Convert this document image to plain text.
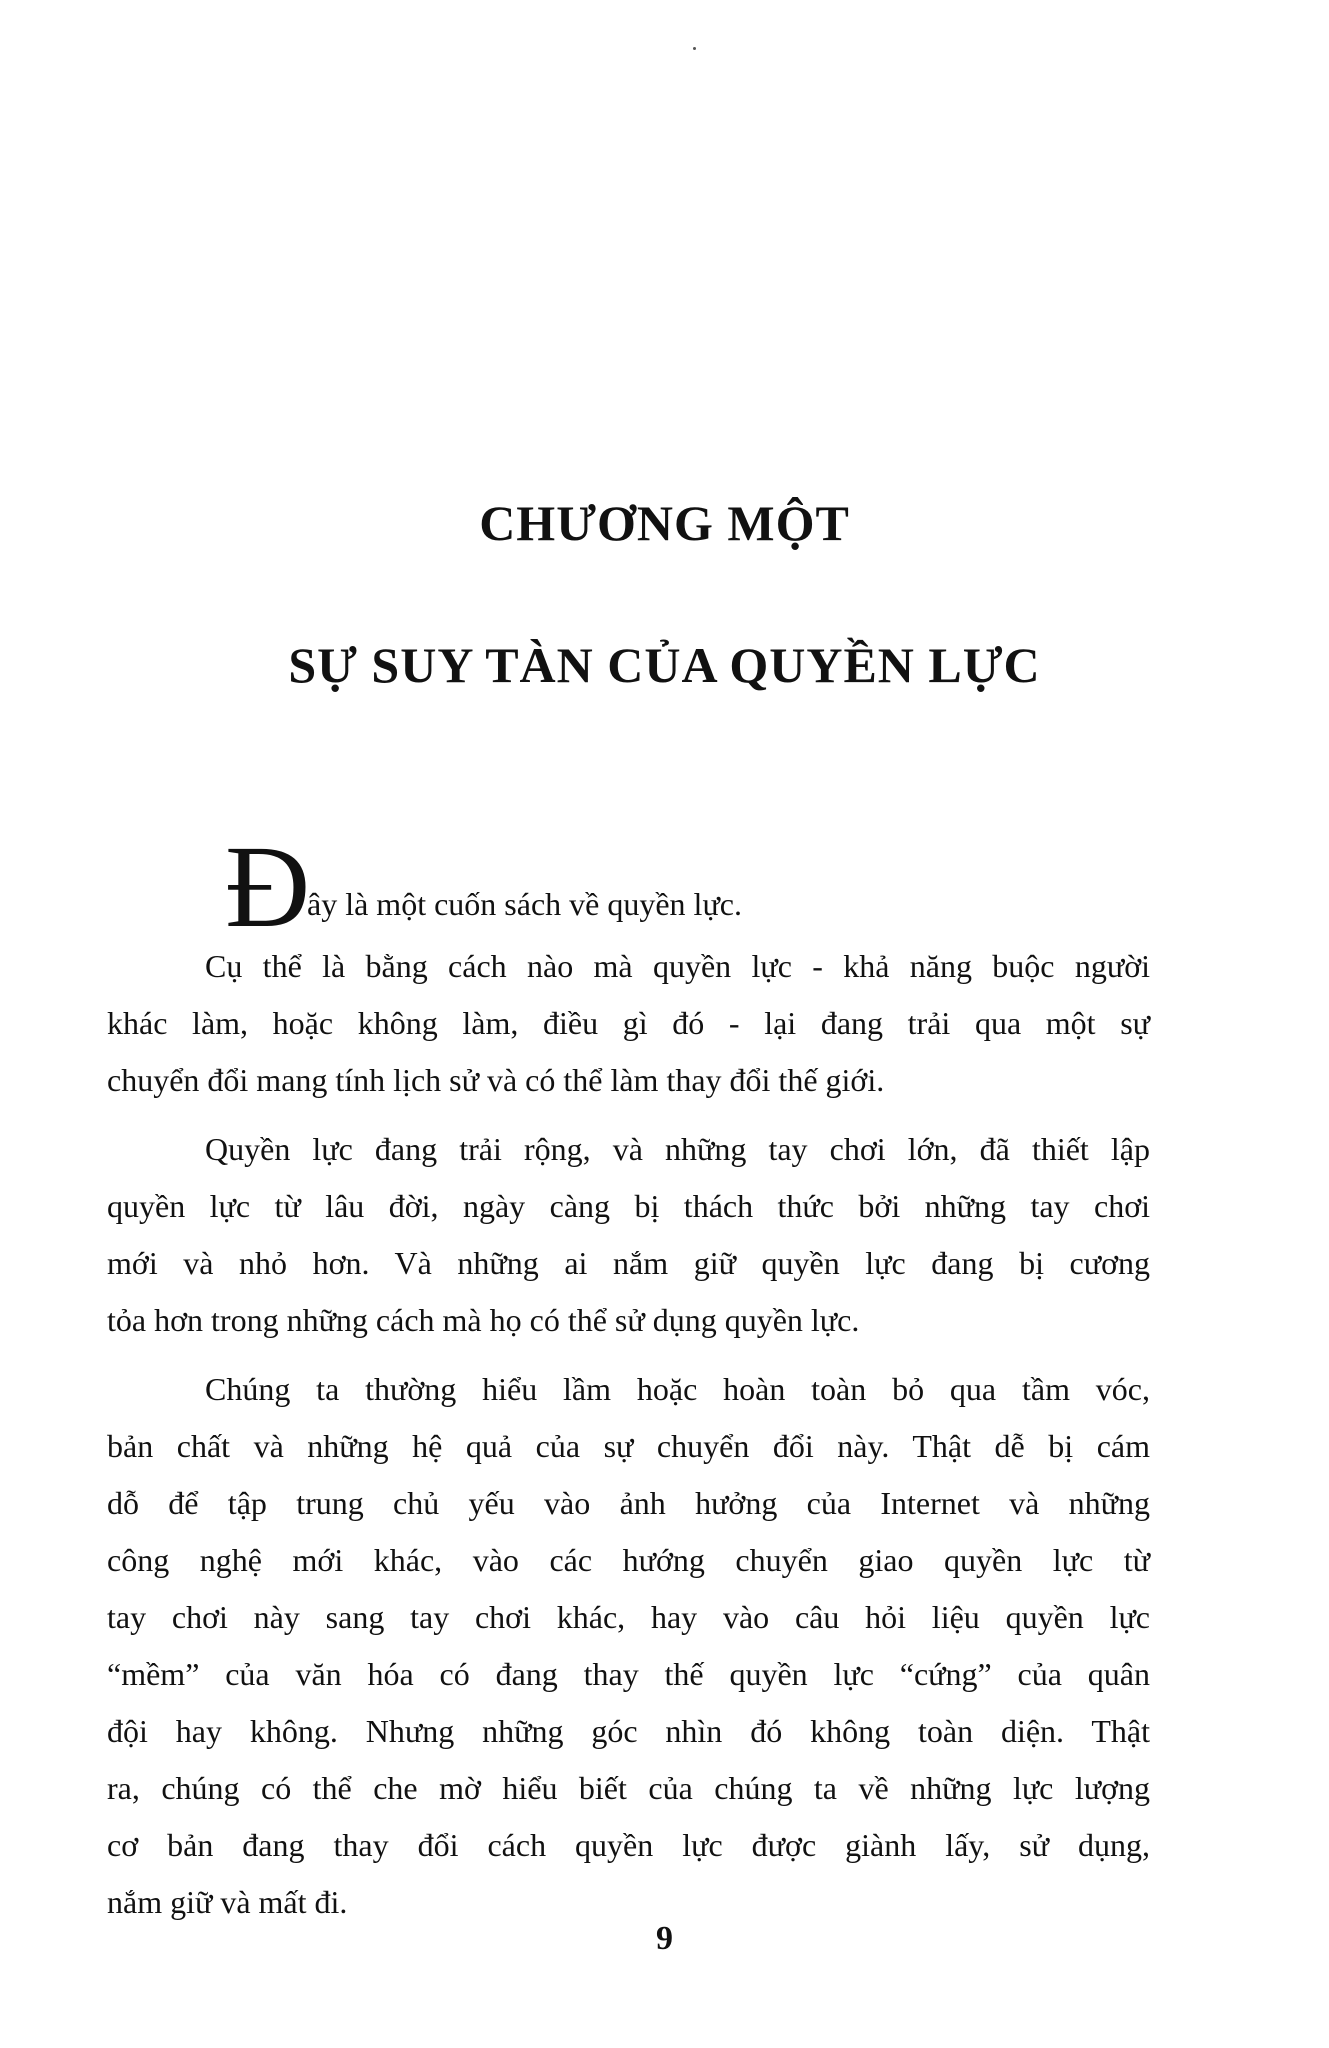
CHƯƠNG MỘT
SỰ SUY TÀN CỦA QUYỀN LỰC
Đ
ây là một cuốn sách về quyền lực.
Cụ thể là bằng cách nào mà quyền lực - khả năng buộc người
khác làm, hoặc không làm, điều gì đó - lại đang trải qua một sự
chuyển đổi mang tính lịch sử và có thể làm thay đổi thế giới.
Quyền lực đang trải rộng, và những tay chơi lớn, đã thiết lập
quyền lực từ lâu đời, ngày càng bị thách thức bởi những tay chơi
mới và nhỏ hơn. Và những ai nắm giữ quyền lực đang bị cương
tỏa hơn trong những cách mà họ có thể sử dụng quyền lực.
Chúng ta thường hiểu lầm hoặc hoàn toàn bỏ qua tầm vóc,
bản chất và những hệ quả của sự chuyển đổi này. Thật dễ bị cám
dỗ để tập trung chủ yếu vào ảnh hưởng của Internet và những
công nghệ mới khác, vào các hướng chuyển giao quyền lực từ
tay chơi này sang tay chơi khác, hay vào câu hỏi liệu quyền lực
“mềm” của văn hóa có đang thay thế quyền lực “cứng” của quân
đội hay không. Nhưng những góc nhìn đó không toàn diện. Thật
ra, chúng có thể che mờ hiểu biết của chúng ta về những lực lượng
cơ bản đang thay đổi cách quyền lực được giành lấy, sử dụng,
nắm giữ và mất đi.
9
